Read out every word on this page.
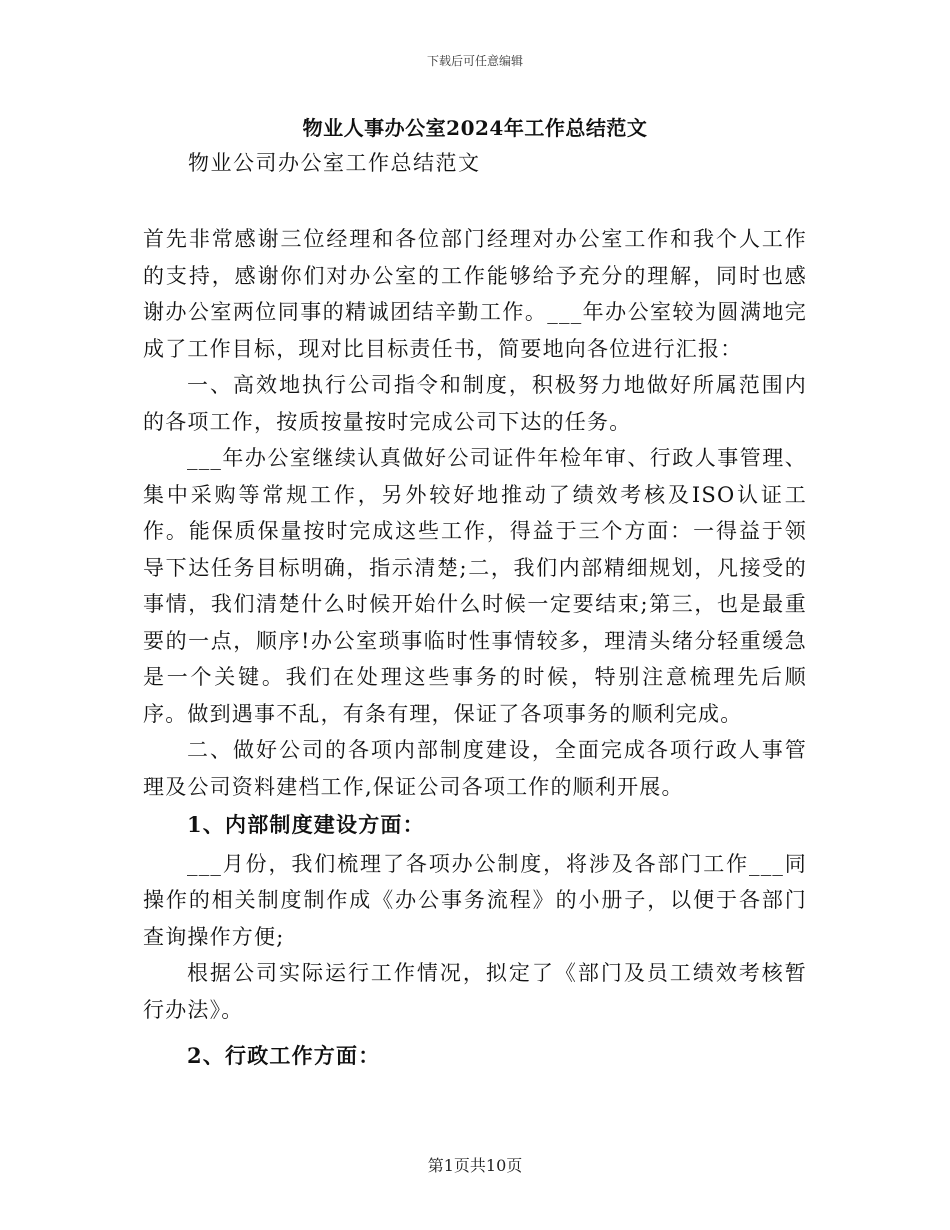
下载后可任意编辑
物业人事办公室2024年工作总结范文
物业公司办公室工作总结范文

首先非常感谢三位经理和各位部门经理对办公室工作和我个人工作的支持，感谢你们对办公室的工作能够给予充分的理解，同时也感谢办公室两位同事的精诚团结辛勤工作。___年办公室较为圆满地完成了工作目标，现对比目标责任书，简要地向各位进行汇报：

一、高效地执行公司指令和制度，积极努力地做好所属范围内的各项工作，按质按量按时完成公司下达的任务。

___年办公室继续认真做好公司证件年检年审、行政人事管理、集中采购等常规工作，另外较好地推动了绩效考核及ISO认证工作。能保质保量按时完成这些工作，得益于三个方面：一得益于领导下达任务目标明确，指示清楚;二，我们内部精细规划，凡接受的事情，我们清楚什么时候开始什么时候一定要结束;第三，也是最重要的一点，顺序!办公室琐事临时性事情较多，理清头绪分轻重缓急是一个关键。我们在处理这些事务的时候，特别注意梳理先后顺序。做到遇事不乱，有条有理，保证了各项事务的顺利完成。

二、做好公司的各项内部制度建设，全面完成各项行政人事管理及公司资料建档工作,保证公司各项工作的顺利开展。

1、内部制度建设方面：

___月份，我们梳理了各项办公制度，将涉及各部门工作___同操作的相关制度制作成《办公事务流程》的小册子，以便于各部门查询操作方便;

根据公司实际运行工作情况，拟定了《部门及员工绩效考核暂行办法》。

2、行政工作方面：

第1页共10页
